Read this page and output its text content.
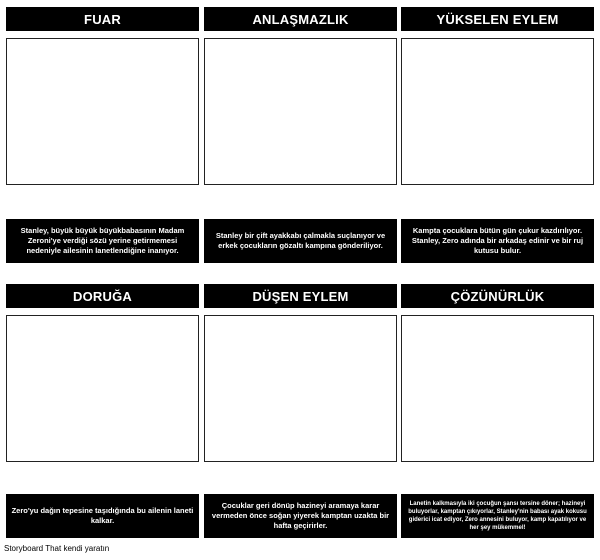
FUAR
Stanley, büyük büyük büyükbabasının Madam Zeroni'ye verdiği sözü yerine getirmemesi nedeniyle ailesinin lanetlendiğine inanıyor.
ANLAŞMAZLIK
Stanley bir çift ayakkabı çalmakla suçlanıyor ve erkek çocukların gözaltı kampına gönderiliyor.
YÜKSELEN EYLEM
Kampta çocuklara bütün gün çukur kazdırılıyor. Stanley, Zero adında bir arkadaş edinir ve bir ruj kutusu bulur.
DORUĞA
Zero'yu dağın tepesine taşıdığında bu ailenin laneti kalkar.
DÜŞEN EYLEM
Çocuklar geri dönüp hazineyi aramaya karar vermeden önce soğan yiyerek kamptan uzakta bir hafta geçirirler.
ÇÖZÜNÜRLÜK
Lanetin kalkmasıyla iki çocuğun şansı tersine döner; hazineyi buluyorlar, kamptan çıkıyorlar, Stanley'nin babası ayak kokusu giderici icat ediyor, Zero annesini buluyor, kamp kapatılıyor ve her şey mükemmel!
Storyboard That kendi yaratın
